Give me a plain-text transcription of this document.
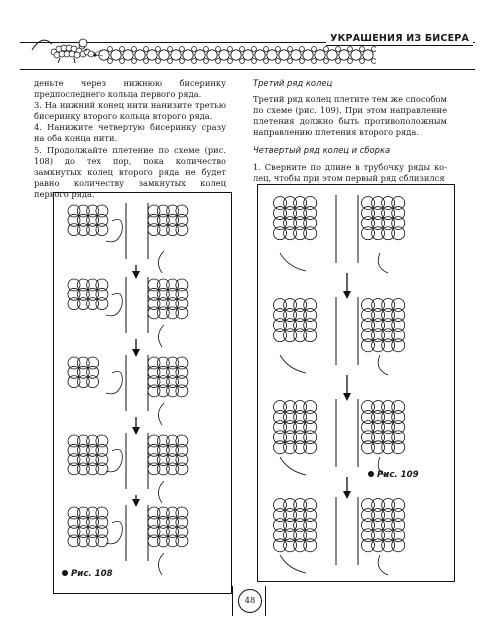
УКРАШЕНИЯ ИЗ БИСЕРА

деньте через нижнюю бисеринку предпоследнего кольца первого ряда.

3. На нижний конец нити нанизите третью бисеринку второго кольца второго ряда.

4. Нанижите четвертую бисеринку сразу на оба конца нити.

5. Продолжайте плетение по схеме (рис. 108) до тех пор, пока количество замкнутых колец второго ряда не будет равно количеству замкнутых колец первого ряда.

Третий ряд колец

Третий ряд колец плетите тем же способом по схеме (рис. 109). При этом направление плетения должно быть противоположным направлению плетения второго ряда.

Четвертый ряд колец и сборка

1. Сверните по длине в трубочку ряды колец, чтобы при этом первый ряд сблизился

Рис. 108
Рис. 109
48
